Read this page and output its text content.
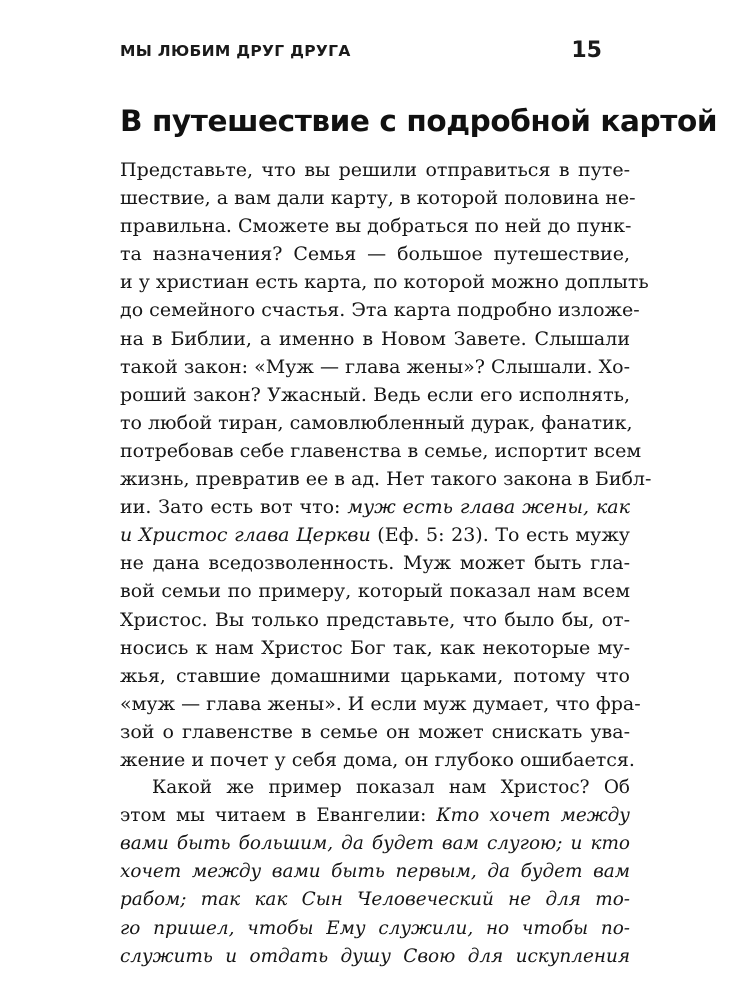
МЫ ЛЮБИМ ДРУГ ДРУГА	15
В путешествие с подробной картой
Представьте, что вы решили отправиться в путе-
шествие, а вам дали карту, в которой половина не-
правильна. Сможете вы добраться по ней до пунк-
та назначения? Семья — большое путешествие,
и у христиан есть карта, по которой можно доплыть
до семейного счастья. Эта карта подробно изложе-
на в Библии, а именно в Новом Завете. Слышали
такой закон: «Муж — глава жены»? Слышали. Хо-
роший закон? Ужасный. Ведь если его исполнять,
то любой тиран, самовлюбленный дурак, фанатик,
потребовав себе главенства в семье, испортит всем
жизнь, превратив ее в ад. Нет такого закона в Библ-
ии. Зато есть вот что: муж есть глава жены, как
и Христос глава Церкви (Еф. 5: 23). То есть мужу
не дана вседозволенность. Муж может быть гла-
вой семьи по примеру, который показал нам всем
Христос. Вы только представьте, что было бы, от-
носись к нам Христос Бог так, как некоторые му-
жья, ставшие домашними царьками, потому что
«муж — глава жены». И если муж думает, что фра-
зой о главенстве в семье он может снискать ува-
жение и почет у себя дома, он глубоко ошибается.
Какой же пример показал нам Христос? Об
этом мы читаем в Евангелии: Кто хочет между
вами быть большим, да будет вам слугою; и кто
хочет между вами быть первым, да будет вам
рабом; так как Сын Человеческий не для то-
го пришел, чтобы Ему служили, но чтобы по-
служить и отдать душу Свою для искупления
